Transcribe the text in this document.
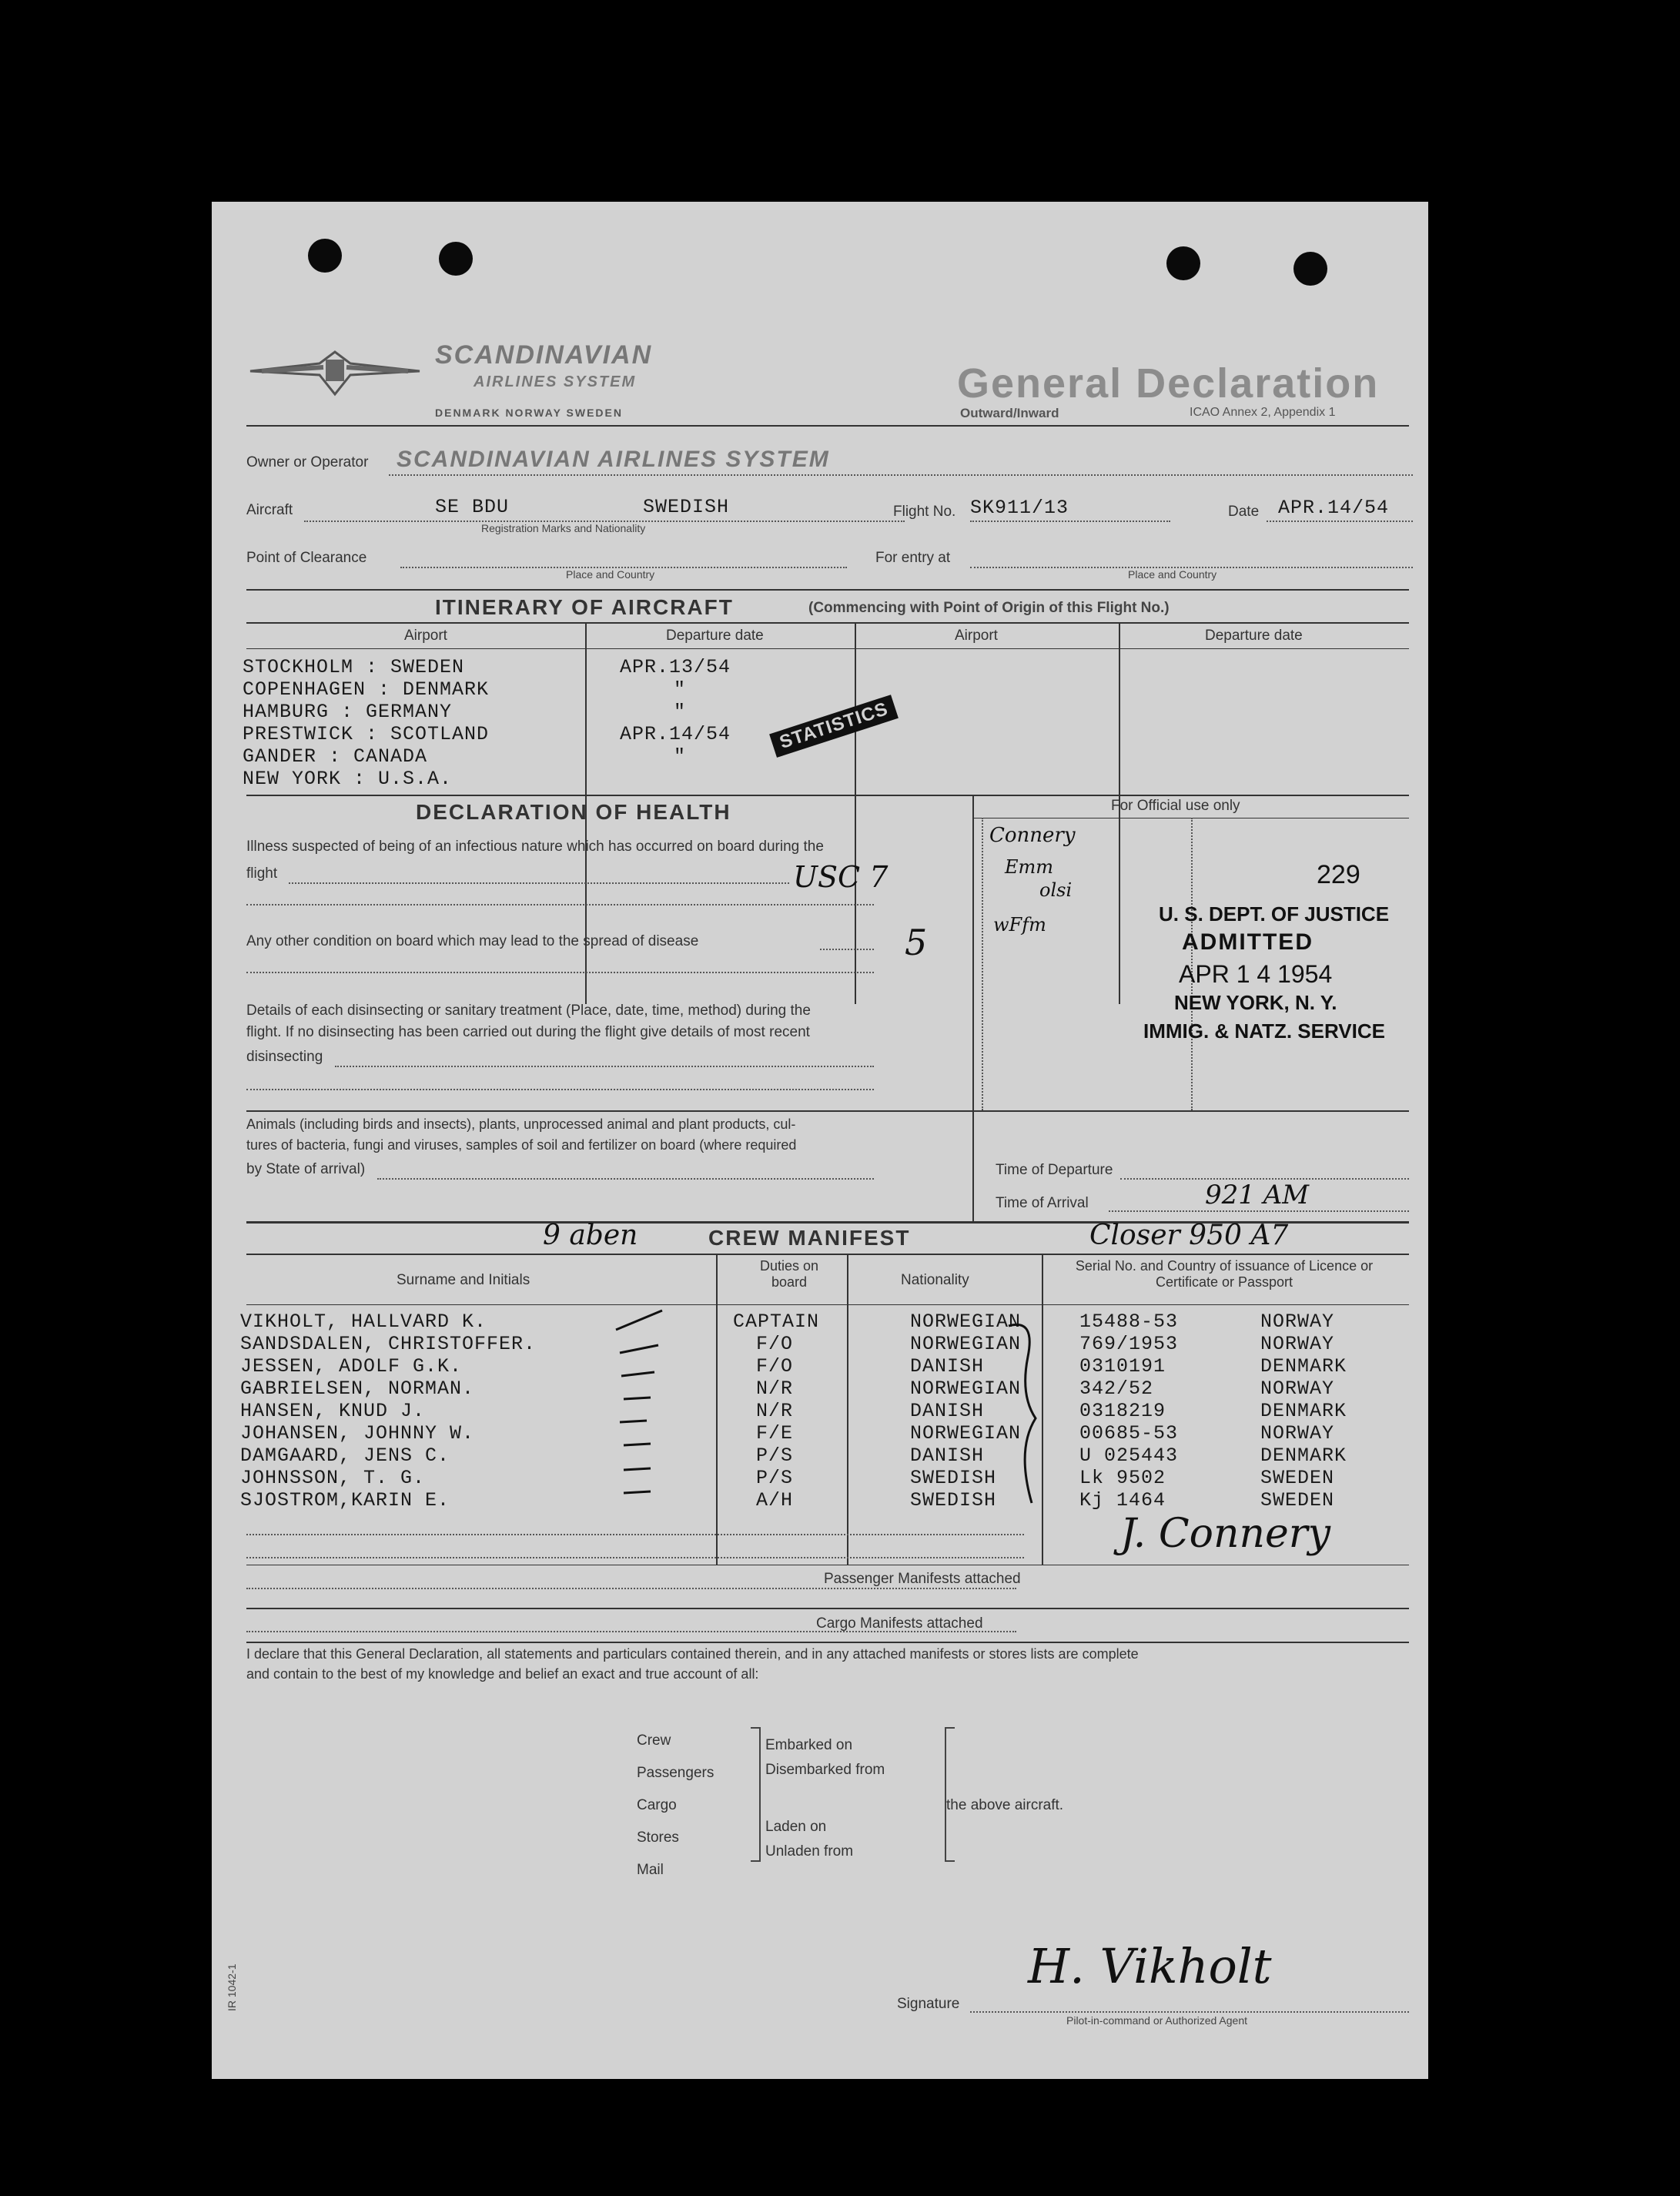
SCANDINAVIAN
AIRLINES SYSTEM
DENMARK NORWAY SWEDEN
General Declaration
Outward/Inward	ICAO Annex 2, Appendix 1
Owner or Operator SCANDINAVIAN AIRLINES SYSTEM
Aircraft	SE BDU	SWEDISH
Registration Marks and Nationality
Flight No. SK911/13	Date APR.14/54
Point of Clearance
Place and Country
For entry at
Place and Country
ITINERARY OF AIRCRAFT	(Commencing with Point of Origin of this Flight No.)
Airport	Departure date	Airport	Departure date
STOCKHOLM : SWEDEN	APR.13/54
COPENHAGEN : DENMARK	"
HAMBURG : GERMANY	"
PRESTWICK : SCOTLAND	APR.14/54
GANDER : CANADA	"
NEW YORK : U.S.A.
STATISTICS
DECLARATION OF HEALTH
Illness suspected of being of an infectious nature which has occurred on board during the
flight	USC 7
Any other condition on board which may lead to the spread of disease	5
Details of each disinsecting or sanitary treatment (Place, date, time, method) during the
flight. If no disinsecting has been carried out during the flight give details of most recent
disinsecting
Animals (including birds and insects), plants, unprocessed animal and plant products, cul-
tures of bacteria, fungi and viruses, samples of soil and fertilizer on board (where required
by State of arrival)
For Official use only
Connery
Emm
olsi
wFfm
229
U. S. DEPT. OF JUSTICE
ADMITTED
APR 1 4 1954
NEW YORK, N. Y.
IMMIG. & NATZ. SERVICE
Time of Departure
Time of Arrival	921 AM
9 aben	CREW MANIFEST	Closer 950 A7
Surname and Initials
Duties on board	Nationality
Serial No. and Country of issuance of Licence or Certificate or Passport
VIKHOLT, HALLVARD K.	CAPTAIN	NORWEGIAN	15488-53	NORWAY
SANDSDALEN, CHRISTOFFER.	F/O	NORWEGIAN	769/1953	NORWAY
JESSEN, ADOLF G.K.	F/O	DANISH	0310191	DENMARK
GABRIELSEN, NORMAN.	N/R	NORWEGIAN	342/52	NORWAY
HANSEN, KNUD J.	N/R	DANISH	0318219	DENMARK
JOHANSEN, JOHNNY W.	F/E	NORWEGIAN	00685-53	NORWAY
DAMGAARD, JENS C.	P/S	DANISH	U 025443	DENMARK
JOHNSSON, T. G.	P/S	SWEDISH	Lk 9502	SWEDEN
SJOSTROM,KARIN E.	A/H	SWEDISH	Kj 1464	SWEDEN
J. Connery
Passenger Manifests attached
Cargo Manifests attached
I declare that this General Declaration, all statements and particulars contained therein, and in any attached manifests or stores lists are complete
and contain to the best of my knowledge and belief an exact and true account of all:
Crew
Passengers
Cargo
Stores
Mail
Embarked on
Disembarked from
Laden on
Unladen from
the above aircraft.
Signature
H. Vikholt
Pilot-in-command or Authorized Agent
IR 1042-1
